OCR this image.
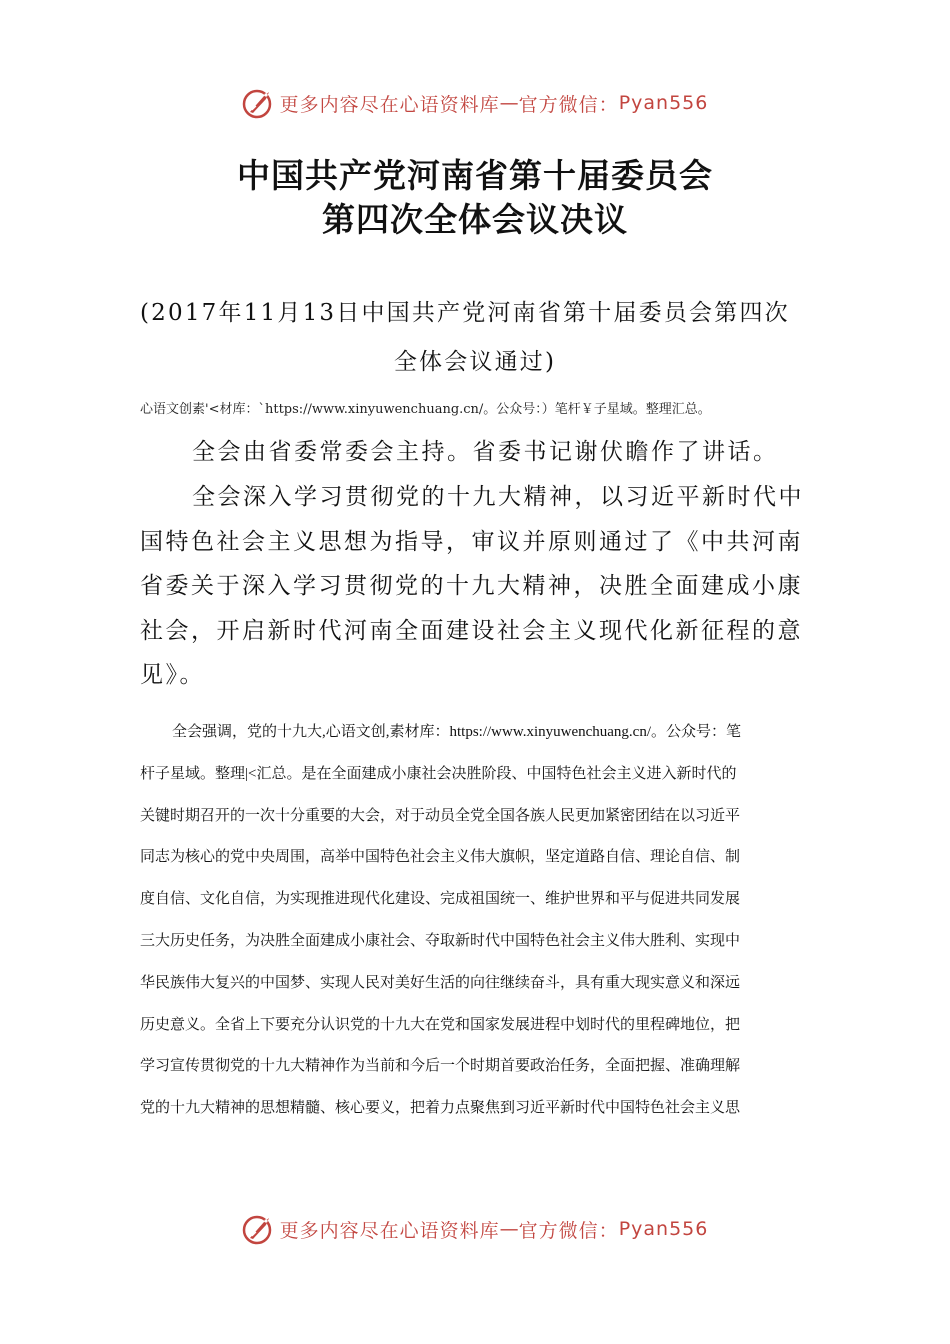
更多内容尽在心语资料库 — 官方微信： Pyan556
中国共产党河南省第十届委员会
第四次全体会议决议
(2017年11月13日中国共产党河南省第十届委员会第四次
全体会议通过)
心语文创素'<材库：`https://www.xinyuwenchuang.cn/。公众号：）笔杆￥子星域。整理汇总。
全会由省委常委会主持。省委书记谢伏瞻作了讲话。
全会深入学习贯彻党的十九大精神，以习近平新时代中
国特色社会主义思想为指导，审议并原则通过了《中共河南
省委关于深入学习贯彻党的十九大精神，决胜全面建成小康
社会，开启新时代河南全面建设社会主义现代化新征程的意
见》。
全会强调，党的十九大,心语文创,素材库：https://www.xinyuwenchuang.cn/。公众号：笔
杆子星域。整理|<汇总。是在全面建成小康社会决胜阶段、中国特色社会主义进入新时代的
关键时期召开的一次十分重要的大会，对于动员全党全国各族人民更加紧密团结在以习近平
同志为核心的党中央周围，高举中国特色社会主义伟大旗帜，坚定道路自信、理论自信、制
度自信、文化自信，为实现推进现代化建设、完成祖国统一、维护世界和平与促进共同发展
三大历史任务，为决胜全面建成小康社会、夺取新时代中国特色社会主义伟大胜利、实现中
华民族伟大复兴的中国梦、实现人民对美好生活的向往继续奋斗，具有重大现实意义和深远
历史意义。全省上下要充分认识党的十九大在党和国家发展进程中划时代的里程碑地位，把
学习宣传贯彻党的十九大精神作为当前和今后一个时期首要政治任务，全面把握、准确理解
党的十九大精神的思想精髓、核心要义，把着力点聚焦到习近平新时代中国特色社会主义思
更多内容尽在心语资料库 — 官方微信： Pyan556
